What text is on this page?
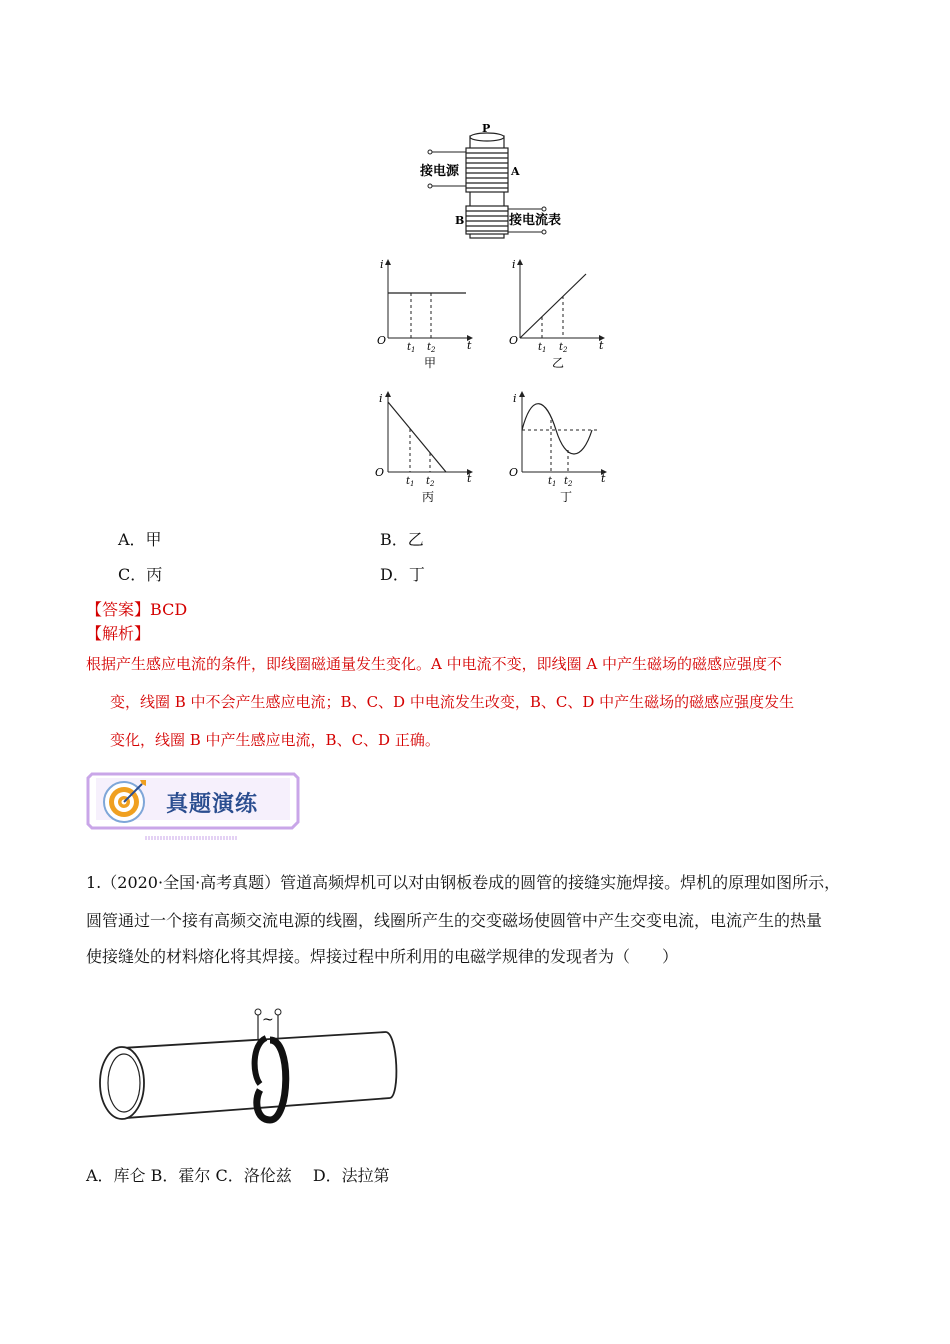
P
接电源	A
B	接电流表
i
O	t
$t_1$ $t_2$
甲
i
O	t
$t_1$ $t_2$
乙
i
O	t
$t_1$ $t_2$
丙
i
O	t
$t_1$ $t_2$
丁
A．甲	B．乙
C．丙	D．丁
【答案】BCD
【解析】
根据产生感应电流的条件，即线圈磁通量发生变化。A 中电流不变，即线圈 A 中产生磁场的磁感应强度不
变，线圈 B 中不会产生感应电流；B、C、D 中电流发生改变，B、C、D 中产生磁场的磁感应强度发生
变化，线圈 B 中产生感应电流，B、C、D 正确。
真题演练
1.（2020·全国·高考真题）管道高频焊机可以对由钢板卷成的圆管的接缝实施焊接。焊机的原理如图所示，
圆管通过一个接有高频交流电源的线圈，线圈所产生的交变磁场使圆管中产生交变电流，电流产生的热量
使接缝处的材料熔化将其焊接。焊接过程中所利用的电磁学规律的发现者为（　　）
~
A．库仑 B．霍尔 C．洛伦兹　 D．法拉第
